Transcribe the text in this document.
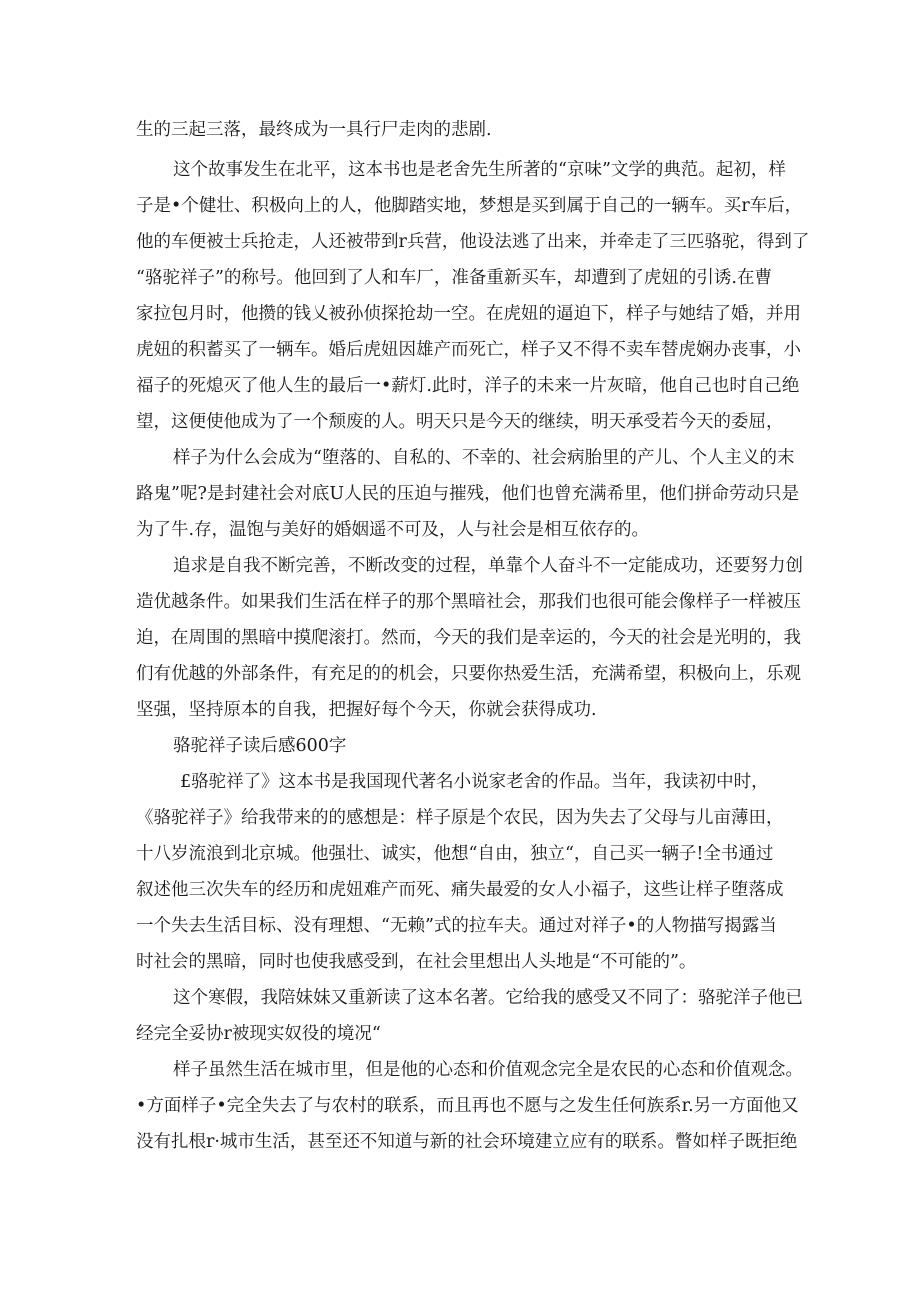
生的三起三落，最终成为一具行尸走肉的悲剧.
这个故事发生在北平，这本书也是老舍先生所著的“京味”文学的典范。起初，样
子是•个健壮、积极向上的人，他脚踏实地，梦想是买到属于自己的一辆车。买r车后，
他的车便被士兵抢走，人还被带到r兵营，他设法逃了出来，并牵走了三匹骆驼，得到了
“骆驼祥子”的称号。他回到了人和车厂，准备重新买车，却遭到了虎妞的引诱.在曹
家拉包月时，他攒的钱乂被孙侦探抢劫一空。在虎妞的逼迫下，样子与她结了婚，并用
虎妞的积蓄买了一辆车。婚后虎妞因雄产而死亡，样子又不得不卖车替虎娴办丧事，小
福子的死熄灭了他人生的最后一•薪灯.此时，洋子的未来一片灰暗，他自己也时自己绝
望，这便使他成为了一个颓废的人。明天只是今天的继续，明天承受若今天的委屈，
样子为什么会成为“堕落的、自私的、不幸的、社会病胎里的产儿、个人主义的末
路鬼”呢?是封建社会对底U人民的压迫与摧残，他们也曾充满希里，他们拼命劳动只是
为了牛.存，温饱与美好的婚姻遥不可及，人与社会是相互依存的。
追求是自我不断完善，不断改变的过程，单靠个人奋斗不一定能成功，还要努力创
造优越条件。如果我们生活在样子的那个黑暗社会，那我们也很可能会像样子一样被压
迫，在周围的黑暗中摸爬滚打。然而，今天的我们是幸运的，今天的社会是光明的，我
们有优越的外部条件，有充足的的机会，只要你热爱生活，充满希望，积极向上，乐观
坚强，坚持原本的自我，把握好每个今天，你就会获得成功.
骆驼祥子读后感600字
£骆驼祥了》这本书是我国现代著名小说家老舍的作品。当年，我读初中时，
《骆驼祥子》给我带来的的感想是：样子原是个农民，因为失去了父母与儿亩薄田，
十八岁流浪到北京城。他强壮、诚实，他想“自由，独立“，自己买一辆子!全书通过
叙述他三次失车的经历和虎妞难产而死、痛失最爱的女人小福子，这些让样子堕落成
一个失去生活目标、没有理想、“无赖”式的拉车夫。通过对祥子•的人物描写揭露当
时社会的黑暗，同时也使我感受到，在社会里想出人头地是“不可能的”。
这个寒假，我陪妹妹又重新读了这本名著。它给我的感受又不同了：骆驼洋子他已
经完全妥协r被现实奴役的境况“
样子虽然生活在城市里，但是他的心态和价值观念完全是农民的心态和价值观念。
•方面样子•完全失去了与农村的联系，而且再也不愿与之发生任何族系r.另一方面他又
没有扎根r·城市生活，甚至还不知道与新的社会环境建立应有的联系。瞥如样子既拒绝
